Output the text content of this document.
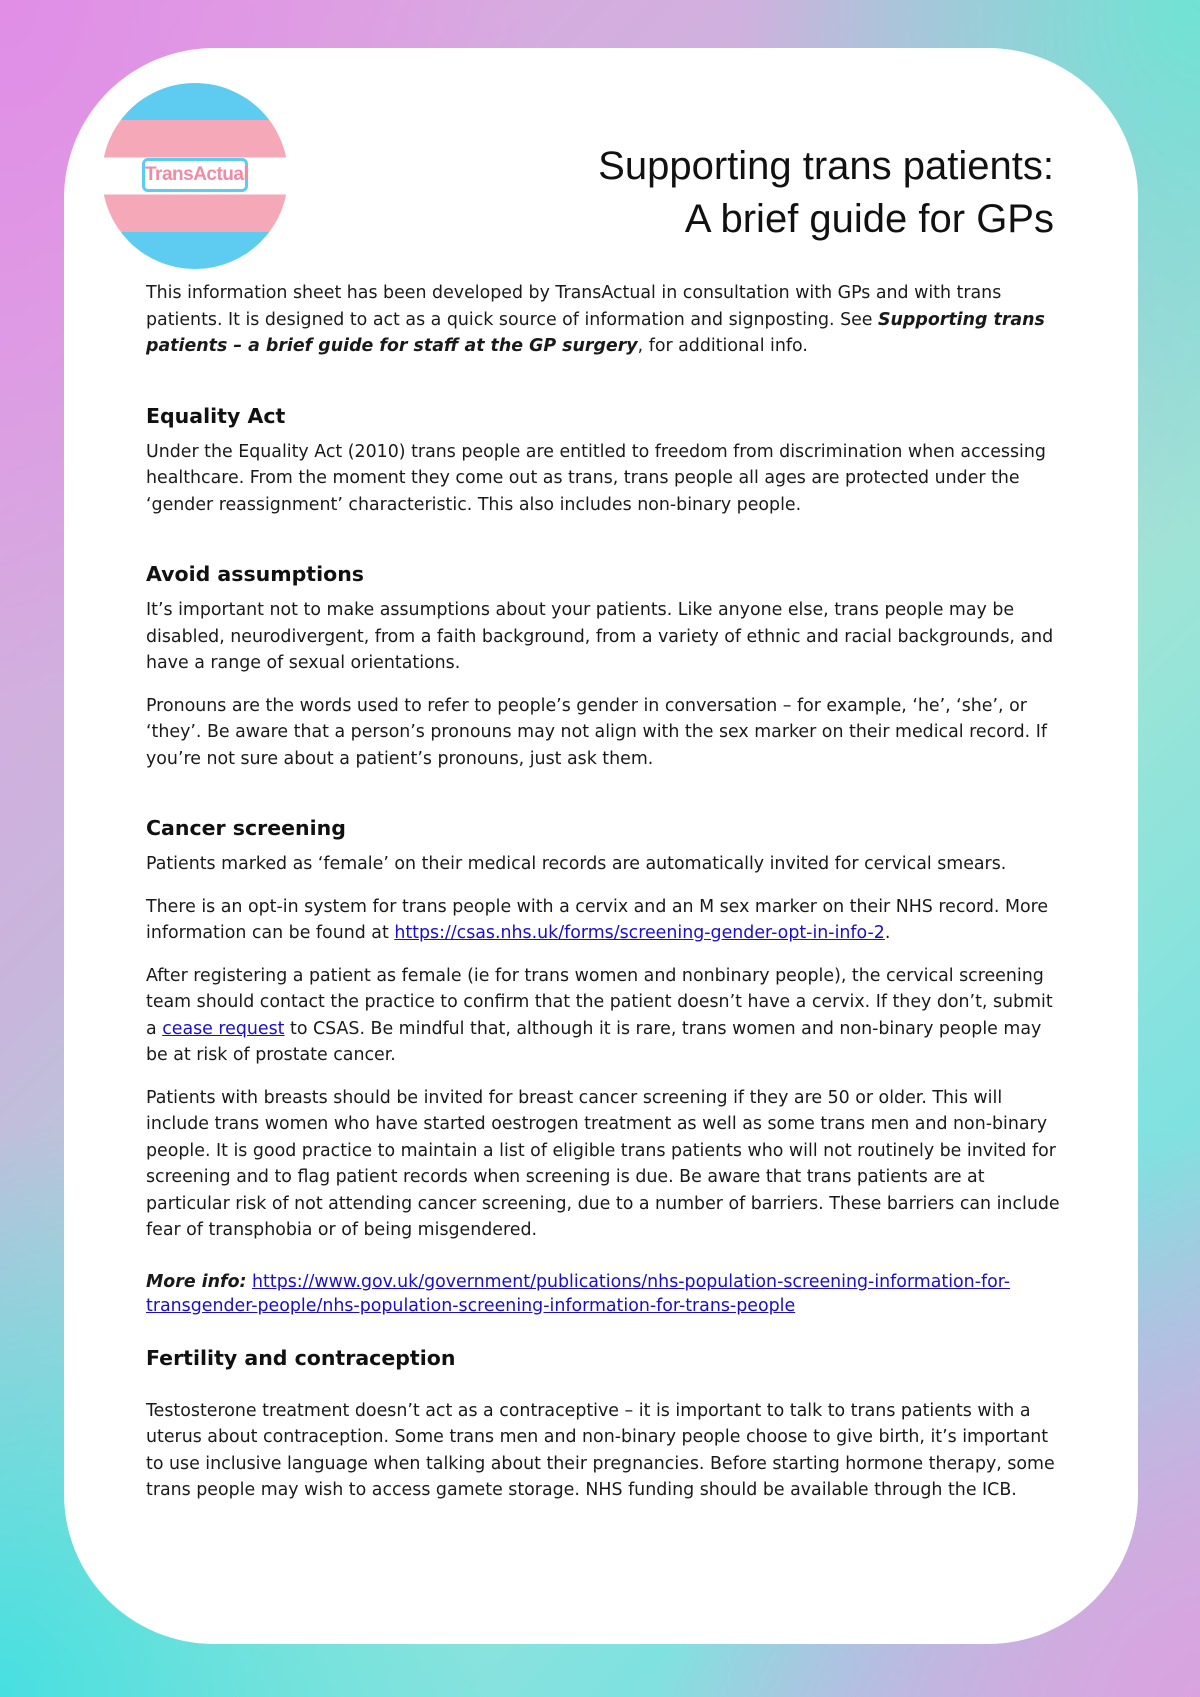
TransActual	Supporting trans patients:
A brief guide for GPs

This information sheet has been developed by TransActual in consultation with GPs and with trans patients. It is designed to act as a quick source of information and signposting. See Supporting trans patients – a brief guide for staff at the GP surgery, for additional info.

Equality Act

Under the Equality Act (2010) trans people are entitled to freedom from discrimination when accessing healthcare. From the moment they come out as trans, trans people all ages are protected under the ‘gender reassignment’ characteristic. This also includes non-binary people.

Avoid assumptions

It’s important not to make assumptions about your patients. Like anyone else, trans people may be disabled, neurodivergent, from a faith background, from a variety of ethnic and racial backgrounds, and have a range of sexual orientations.

Pronouns are the words used to refer to people’s gender in conversation – for example, ‘he’, ‘she’, or ‘they’. Be aware that a person’s pronouns may not align with the sex marker on their medical record. If you’re not sure about a patient’s pronouns, just ask them.

Cancer screening

Patients marked as ‘female’ on their medical records are automatically invited for cervical smears.

There is an opt-in system for trans people with a cervix and an M sex marker on their NHS record. More information can be found at https://csas.nhs.uk/forms/screening-gender-opt-in-info-2.

After registering a patient as female (ie for trans women and nonbinary people), the cervical screening team should contact the practice to confirm that the patient doesn’t have a cervix. If they don’t, submit a cease request to CSAS. Be mindful that, although it is rare, trans women and non-binary people may be at risk of prostate cancer.

Patients with breasts should be invited for breast cancer screening if they are 50 or older. This will include trans women who have started oestrogen treatment as well as some trans men and non-binary people. It is good practice to maintain a list of eligible trans patients who will not routinely be invited for screening and to flag patient records when screening is due. Be aware that trans patients are at particular risk of not attending cancer screening, due to a number of barriers. These barriers can include fear of transphobia or of being misgendered.

More info: https://www.gov.uk/government/publications/nhs-population-screening-information-for-transgender-people/nhs-population-screening-information-for-trans-people

Fertility and contraception

Testosterone treatment doesn’t act as a contraceptive – it is important to talk to trans patients with a uterus about contraception. Some trans men and non-binary people choose to give birth, it’s important to use inclusive language when talking about their pregnancies. Before starting hormone therapy, some trans people may wish to access gamete storage. NHS funding should be available through the ICB.
